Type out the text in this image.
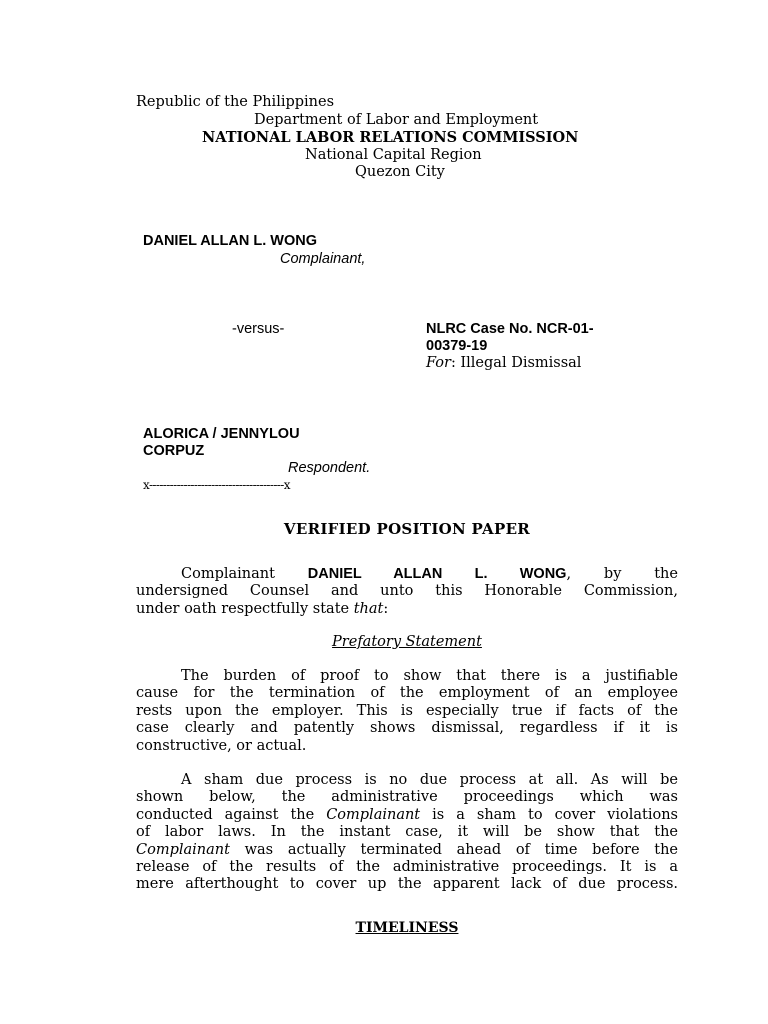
Republic of the Philippines
Department of Labor and Employment
NATIONAL LABOR RELATIONS COMMISSION
National Capital Region
Quezon City
DANIEL ALLAN L. WONG
Complainant,
-versus-	NLRC Case No. NCR-01-
00379-19
For: Illegal Dismissal
ALORICA / JENNYLOU
CORPUZ
Respondent.
x---------------------------------------x
VERIFIED POSITION PAPER
Complainant DANIEL ALLAN L. WONG, by the
undersigned Counsel and unto this Honorable Commission,
under oath respectfully state that:
Prefatory Statement
The burden of proof to show that there is a justifiable
cause for the termination of the employment of an employee
rests upon the employer. This is especially true if facts of the
case clearly and patently shows dismissal, regardless if it is
constructive, or actual.
A sham due process is no due process at all. As will be
shown below, the administrative proceedings which was
conducted against the Complainant is a sham to cover violations
of labor laws. In the instant case, it will be show that the
Complainant was actually terminated ahead of time before the
release of the results of the administrative proceedings. It is a
mere afterthought to cover up the apparent lack of due process.
TIMELINESS
